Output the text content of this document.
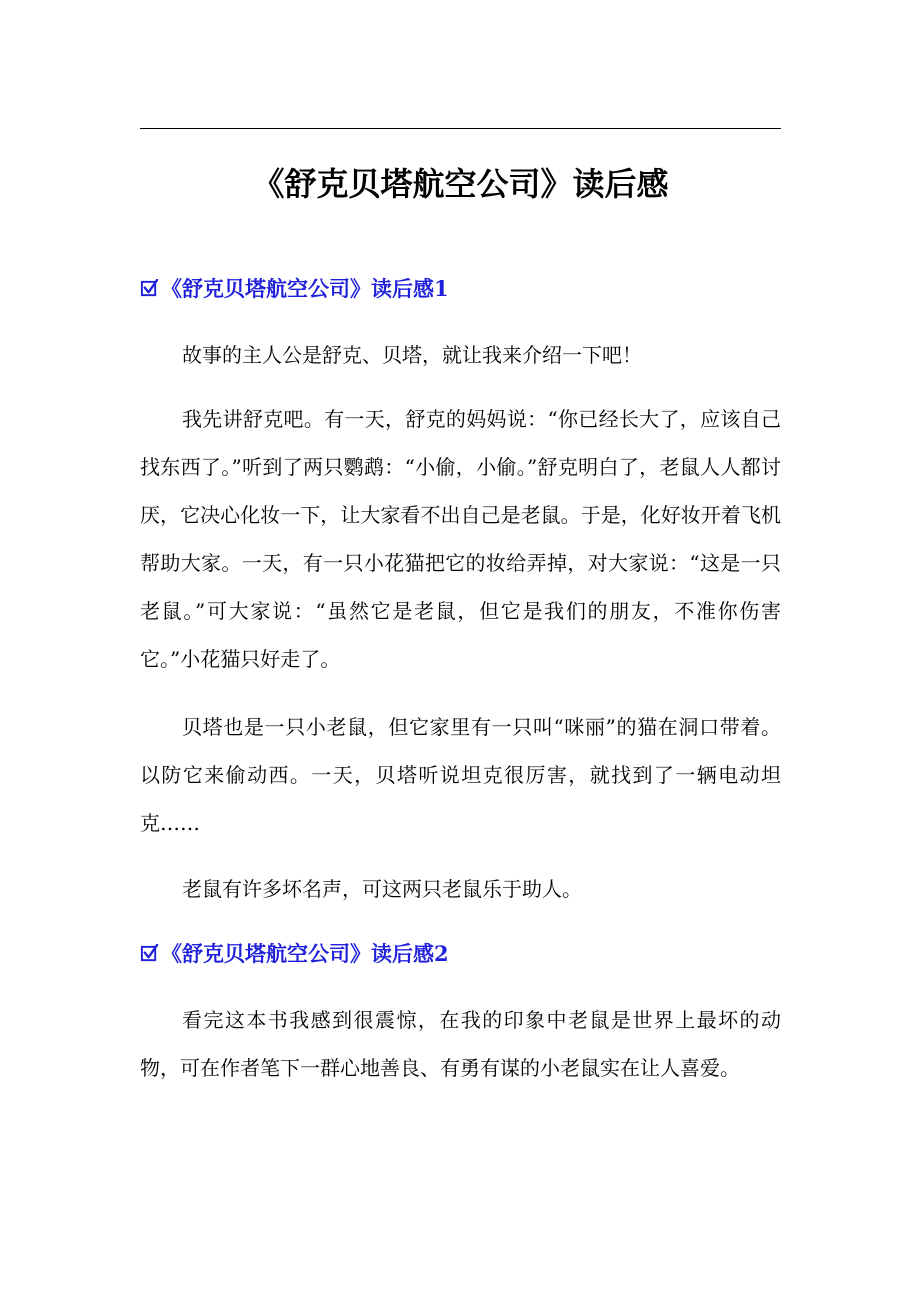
《舒克贝塔航空公司》读后感
《舒克贝塔航空公司》读后感1

故事的主人公是舒克、贝塔，就让我来介绍一下吧！

我先讲舒克吧。有一天，舒克的妈妈说：“你已经长大了，应该自己找东西了。”听到了两只鹦鹉：“小偷，小偷。”舒克明白了，老鼠人人都讨厌，它决心化妆一下，让大家看不出自己是老鼠。于是，化好妆开着飞机帮助大家。一天，有一只小花猫把它的妆给弄掉，对大家说：“这是一只老鼠。”可大家说：“虽然它是老鼠，但它是我们的朋友，不准你伤害它。”小花猫只好走了。

贝塔也是一只小老鼠，但它家里有一只叫“咪丽”的猫在洞口带着。以防它来偷动西。一天，贝塔听说坦克很厉害，就找到了一辆电动坦克……

老鼠有许多坏名声，可这两只老鼠乐于助人。

《舒克贝塔航空公司》读后感2

看完这本书我感到很震惊，在我的印象中老鼠是世界上最坏的动物，可在作者笔下一群心地善良、有勇有谋的小老鼠实在让人喜爱。
